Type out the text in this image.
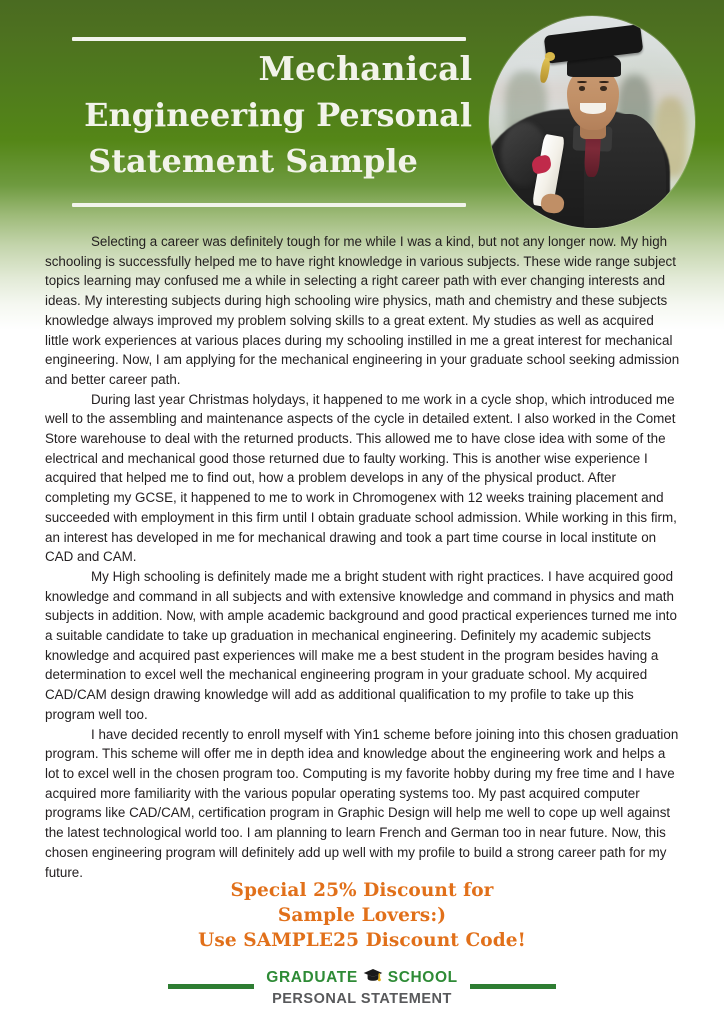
Mechanical
Engineering Personal
Statement Sample

Selecting a career was definitely tough for me while I was a kind, but not any longer now. My high schooling is successfully helped me to have right knowledge in various subjects. These wide range subject topics learning may confused me a while in selecting a right career path with ever changing interests and ideas. My interesting subjects during high schooling wire physics, math and chemistry and these subjects knowledge always improved my problem solving skills to a great extent. My studies as well as acquired little work experiences at various places during my schooling instilled in me a great interest for mechanical engineering. Now, I am applying for the mechanical engineering in your graduate school seeking admission and better career path.

During last year Christmas holydays, it happened to me work in a cycle shop, which introduced me well to the assembling and maintenance aspects of the cycle in detailed extent. I also worked in the Comet Store warehouse to deal with the returned products. This allowed me to have close idea with some of the electrical and mechanical good those returned due to faulty working. This is another wise experience I acquired that helped me to find out, how a problem develops in any of the physical product. After completing my GCSE, it happened to me to work in Chromogenex with 12 weeks training placement and succeeded with employment in this firm until I obtain graduate school admission. While working in this firm, an interest has developed in me for mechanical drawing and took a part time course in local institute on CAD and CAM.

My High schooling is definitely made me a bright student with right practices. I have acquired good knowledge and command in all subjects and with extensive knowledge and command in physics and math subjects in addition. Now, with ample academic background and good practical experiences turned me into a suitable candidate to take up graduation in mechanical engineering. Definitely my academic subjects knowledge and acquired past experiences will make me a best student in the program besides having a determination to excel well the mechanical engineering program in your graduate school. My acquired CAD/CAM design drawing knowledge will add as additional qualification to my profile to take up this program well too.

I have decided recently to enroll myself with Yin1 scheme before joining into this chosen graduation program. This scheme will offer me in depth idea and knowledge about the engineering work and helps a lot to excel well in the chosen program too. Computing is my favorite hobby during my free time and I have acquired more familiarity with the various popular operating systems too. My past acquired computer programs like CAD/CAM, certification program in Graphic Design will help me well to cope up well against the latest technological world too. I am planning to learn French and German too in near future. Now, this chosen engineering program will definitely add up well with my profile to build a strong career path for my future.

Special 25% Discount for
Sample Lovers:)
Use SAMPLE25 Discount Code!
GRADUATE SCHOOL
PERSONAL STATEMENT
